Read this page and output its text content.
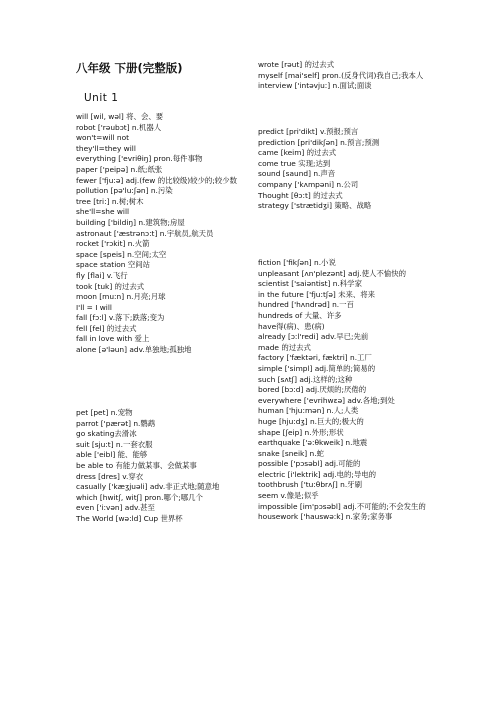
八年级 下册(完整版)
Unit 1
will [wil, wəl] 将、会、要
robot ['rəubɔt] n.机器人
won't=will not
they'll=they will
everything ['evriθiŋ] pron.每件事物
paper ['peipə] n.纸;纸张
fewer ['fju:ə] adj.(few 的比较级)较少的;较少数
pollution [pə'lu:ʃən] n.污染
tree [tri:] n.树;树木
she'll=she will
building ['bildiŋ] n.建筑物;房屋
astronaut ['æstrənɔ:t] n.宇航员,航天员
rocket ['rɔkit] n.火箭
space [speis] n.空间;太空
space station 空间站
fly [flai] v.飞行
took [tuk] 的过去式
moon [mu:n] n.月亮;月球
I'll = I will
fall [fɔ:l] v.落下;跌落;变为
fell [fel] 的过去式
fall in love with 爱上
alone [ə'ləun] adv.单独地;孤独地
pet [pet] n.宠物
parrot ['pærət] n.鹦鹉
go skating去滑冰
suit [sju:t] n.一套衣服
able ['eibl] 能、能够
be able to 有能力做某事、会做某事
dress [dres] v.穿衣
casually ['kæʒjuəli] adv.非正式地;随意地
which [hwitʃ, witʃ] pron.哪个;哪几个
even ['i:vən] adv.甚至
The World [wə:ld] Cup 世界杯
wrote [rəut] 的过去式
myself [mai'self] pron.(反身代词)我自己;我本人
interview ['intəvju:] n.面试;面谈
predict [pri'dikt] v.预报;预言
prediction [pri'dikʃən] n.预言;预测
came [keim] 的过去式
come true 实现;达到
sound [saund] n.声音
company ['kʌmpəni] n.公司
Thought [θɔ:t] 的过去式
strategy ['strætidʒi] 策略、战略
fiction ['fikʃən] n.小说
unpleasant [ʌn'plezənt] adj.使人不愉快的
scientist ['saiəntist] n.科学家
in the future ['fju:tʃə] 未来、将来
hundred ['hʌndrəd] n.一百
hundreds of 大量、许多
have得(病)、患(病)
already [ɔ:l'redi] adv.早已;先前
made 的过去式
factory ['fæktəri, fæktri] n.工厂
simple ['simpl] adj.简单的;简易的
such [sʌtʃ] adj.这样的;这种
bored [bɔ:d] adj.厌烦的;厌倦的
everywhere ['evrihwɛə] adv.各地;到处
human ['hju:mən] n.人;人类
huge [hju:dʒ] n.巨大的;极大的
shape [ʃeip] n.外形;形状
earthquake ['ə:θkweik] n.地震
snake [sneik] n.蛇
possible ['pɔsəbl] adj.可能的
electric [i'lektrik] adj.电的;导电的
toothbrush ['tu:θbrʌʃ] n.牙刷
seem v.像是;似乎
impossible [im'pɔsəbl] adj.不可能的;不会发生的
housework ['hauswə:k] n.家务;家务事
